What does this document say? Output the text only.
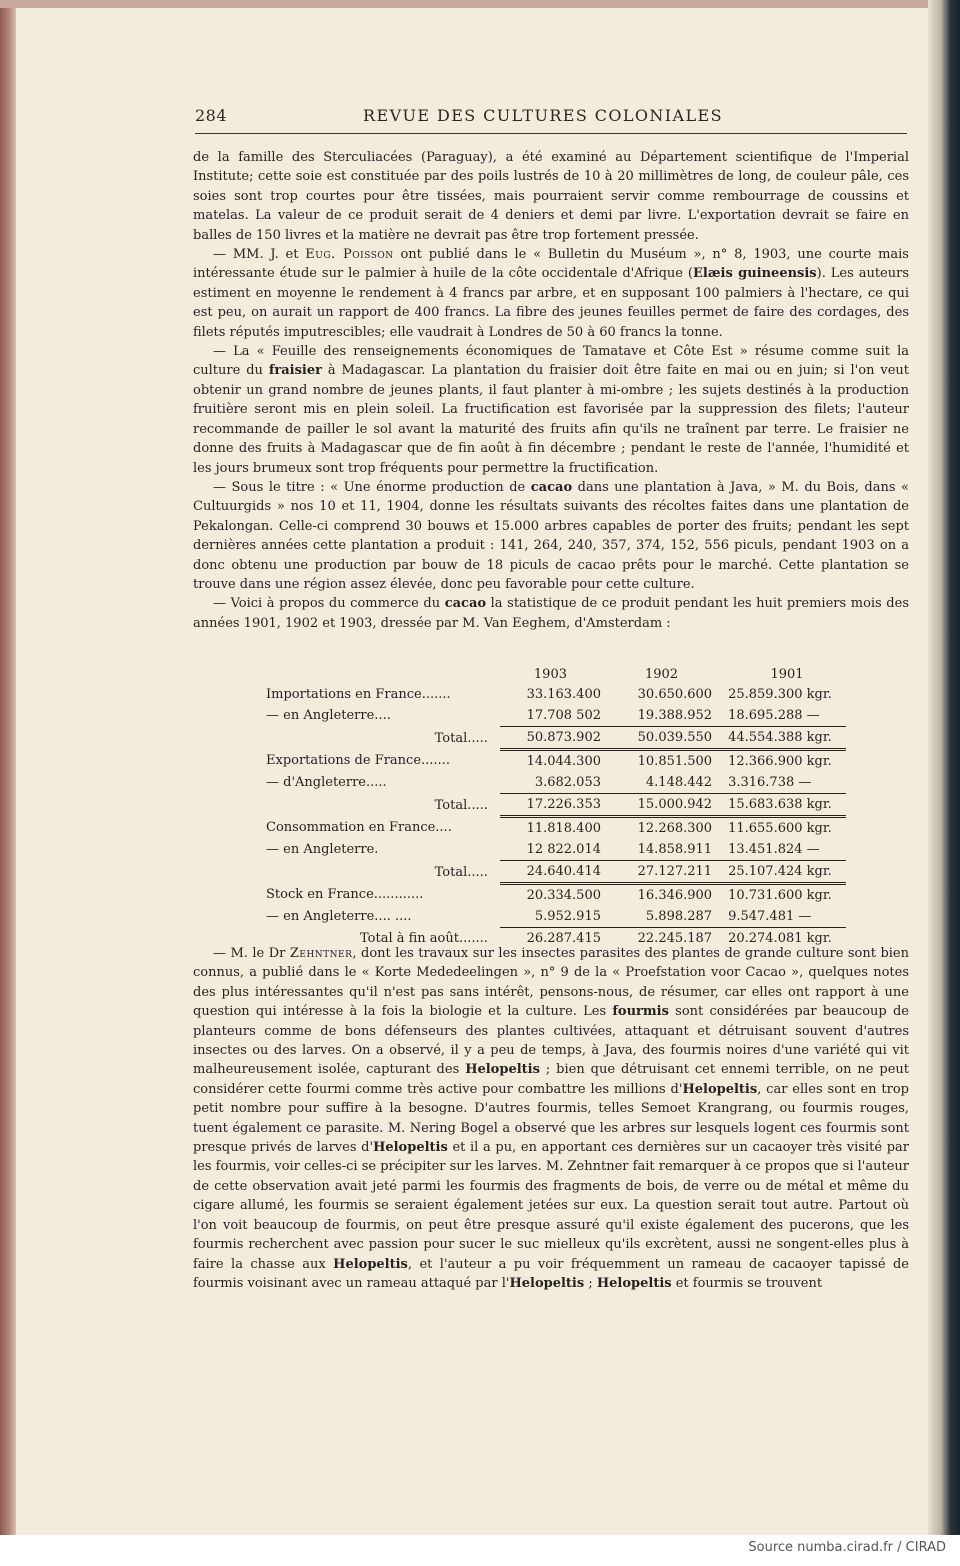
284	REVUE DES CULTURES COLONIALES

de la famille des Sterculiacées (Paraguay), a été examiné au Département scientifique de l'Imperial Institute; cette soie est constituée par des poils lustrés de 10 à 20 millimètres de long, de couleur pâle, ces soies sont trop courtes pour être tissées, mais pourraient servir comme rembourrage de coussins et matelas. La valeur de ce produit serait de 4 deniers et demi par livre. L'exportation devrait se faire en balles de 150 livres et la matière ne devrait pas être trop fortement pressée.

— MM. J. et Eug. Poisson ont publié dans le « Bulletin du Muséum », n° 8, 1903, une courte mais intéressante étude sur le palmier à huile de la côte occidentale d'Afrique (Elæis guineensis). Les auteurs estiment en moyenne le rendement à 4 francs par arbre, et en supposant 100 palmiers à l'hectare, ce qui est peu, on aurait un rapport de 400 francs. La fibre des jeunes feuilles permet de faire des cordages, des filets réputés imputrescibles; elle vaudrait à Londres de 50 à 60 francs la tonne.

— La « Feuille des renseignements économiques de Tamatave et Côte Est » résume comme suit la culture du fraisier à Madagascar. La plantation du fraisier doit être faite en mai ou en juin; si l'on veut obtenir un grand nombre de jeunes plants, il faut planter à mi-ombre ; les sujets destinés à la production fruitière seront mis en plein soleil. La fructification est favorisée par la suppression des filets; l'auteur recommande de pailler le sol avant la maturité des fruits afin qu'ils ne traînent par terre. Le fraisier ne donne des fruits à Madagascar que de fin août à fin décembre ; pendant le reste de l'année, l'humidité et les jours brumeux sont trop fréquents pour permettre la fructification.

— Sous le titre : « Une énorme production de cacao dans une plantation à Java, » M. du Bois, dans « Cultuurgids » nos 10 et 11, 1904, donne les résultats suivants des récoltes faites dans une plantation de Pekalongan. Celle-ci comprend 30 bouws et 15.000 arbres capables de porter des fruits; pendant les sept dernières années cette plantation a produit : 141, 264, 240, 357, 374, 152, 556 piculs, pendant 1903 on a donc obtenu une production par bouw de 18 piculs de cacao prêts pour le marché. Cette plantation se trouve dans une région assez élevée, donc peu favorable pour cette culture.

— Voici à propos du commerce du cacao la statistique de ce produit pendant les huit premiers mois des années 1901, 1902 et 1903, dressée par M. Van Eeghem, d'Amsterdam :

	1903	1902	1901
Importations en France.......	33.163.400	30.650.600	25.859.300 kgr.
— en Angleterre....	17.708 502	19.388.952	18.695.288 —
Total.....	50.873.902	50.039.550	44.554.388 kgr.
Exportations de France.......	14.044.300	10.851.500	12.366.900 kgr.
— d'Angleterre.....	3.682.053	4.148.442	3.316.738 —
Total.....	17.226.353	15.000.942	15.683.638 kgr.
Consommation en France....	11.818.400	12.268.300	11.655.600 kgr.
— en Angleterre.	12 822.014	14.858.911	13.451.824 —
Total.....	24.640.414	27.127.211	25.107.424 kgr.
Stock en France............	20.334.500	16.346.900	10.731.600 kgr.
— en Angleterre.... ....	5.952.915	5.898.287	9.547.481 —
Total à fin août.......	26.287.415	22.245.187	20.274.081 kgr.

— M. le Dr Zehntner, dont les travaux sur les insectes parasites des plantes de grande culture sont bien connus, a publié dans le « Korte Mededeelingen », n° 9 de la « Proefstation voor Cacao », quelques notes des plus intéressantes qu'il n'est pas sans intérêt, pensons-nous, de résumer, car elles ont rapport à une question qui intéresse à la fois la biologie et la culture. Les fourmis sont considérées par beaucoup de planteurs comme de bons défenseurs des plantes cultivées, attaquant et détruisant souvent d'autres insectes ou des larves. On a observé, il y a peu de temps, à Java, des fourmis noires d'une variété qui vit malheureusement isolée, capturant des Helopeltis ; bien que détruisant cet ennemi terrible, on ne peut considérer cette fourmi comme très active pour combattre les millions d'Helopeltis, car elles sont en trop petit nombre pour suffire à la besogne. D'autres fourmis, telles Semoet Krangrang, ou fourmis rouges, tuent également ce parasite. M. Nering Bogel a observé que les arbres sur lesquels logent ces fourmis sont presque privés de larves d'Helopeltis et il a pu, en apportant ces dernières sur un cacaoyer très visité par les fourmis, voir celles-ci se précipiter sur les larves. M. Zehntner fait remarquer à ce propos que si l'auteur de cette observation avait jeté parmi les fourmis des fragments de bois, de verre ou de métal et même du cigare allumé, les fourmis se seraient également jetées sur eux. La question serait tout autre. Partout où l'on voit beaucoup de fourmis, on peut être presque assuré qu'il existe également des pucerons, que les fourmis recherchent avec passion pour sucer le suc mielleux qu'ils excrètent, aussi ne songent-elles plus à faire la chasse aux Helopeltis, et l'auteur a pu voir fréquemment un rameau de cacaoyer tapissé de fourmis voisinant avec un rameau attaqué par l'Helopeltis ; Helopeltis et fourmis se trouvent

Source numba.cirad.fr / CIRAD
